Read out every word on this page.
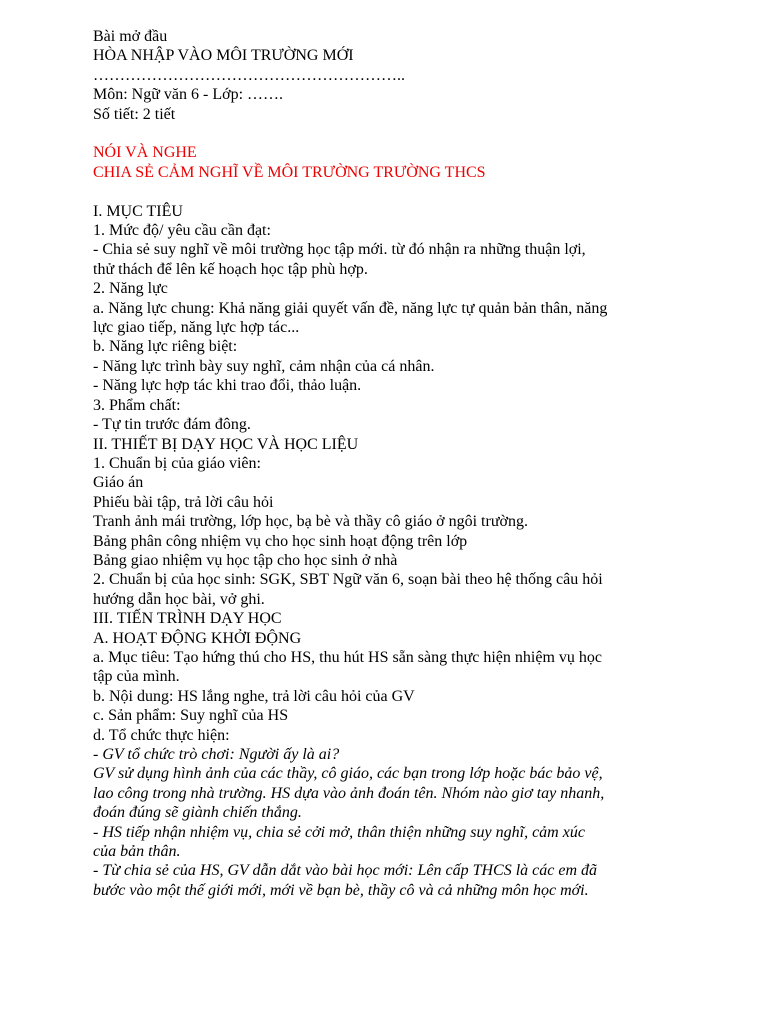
Bài mở đầu
HÒA NHẬP VÀO MÔI TRƯỜNG MỚI
…………………………………………………..
Môn: Ngữ văn 6 - Lớp: …….
Số tiết: 2 tiết
NÓI VÀ NGHE
CHIA SẺ CẢM NGHĨ VỀ MÔI TRƯỜNG TRƯỜNG THCS
I. MỤC TIÊU
1. Mức độ/ yêu cầu cần đạt:
- Chia sẻ suy nghĩ về môi trường học tập mới. từ đó nhận ra những thuận lợi,
thử thách để lên kế hoạch học tập phù hợp.
2. Năng lực
a. Năng lực chung: Khả năng giải quyết vấn đề, năng lực tự quản bản thân, năng
lực giao tiếp, năng lực hợp tác...
b. Năng lực riêng biệt:
- Năng lực trình bày suy nghĩ, cảm nhận của cá nhân.
- Năng lực hợp tác khi trao đổi, thảo luận.
3. Phẩm chất:
- Tự tin trước đám đông.
II. THIẾT BỊ DẠY HỌC VÀ HỌC LIỆU
1. Chuẩn bị của giáo viên:
Giáo án
Phiếu bài tập, trả lời câu hỏi
Tranh ảnh mái trường, lớp học, bạ bè và thầy cô giáo ở ngôi trường.
Bảng phân công nhiệm vụ cho học sinh hoạt động trên lớp
Bảng giao nhiệm vụ học tập cho học sinh ở nhà
2. Chuẩn bị của học sinh: SGK, SBT Ngữ văn 6, soạn bài theo hệ thống câu hỏi
hướng dẫn học bài, vở ghi.
III. TIẾN TRÌNH DẠY HỌC
A. HOẠT ĐỘNG KHỞI ĐỘNG
a. Mục tiêu: Tạo hứng thú cho HS, thu hút HS sẵn sàng thực hiện nhiệm vụ học
tập của mình.
b. Nội dung: HS lắng nghe, trả lời câu hỏi của GV
c. Sản phẩm: Suy nghĩ của HS
d. Tổ chức thực hiện:
- GV tổ chức trò chơi: Người ấy là ai?
GV sử dụng hình ảnh của các thầy, cô giáo, các bạn trong lớp hoặc bác bảo vệ,
lao công trong nhà trường. HS dựa vào ảnh đoán tên. Nhóm nào giơ tay nhanh,
đoán đúng sẽ giành chiến thắng.
- HS tiếp nhận nhiệm vụ, chia sẻ cởi mở, thân thiện những suy nghĩ, cảm xúc
của bản thân.
- Từ chia sẻ của HS, GV dẫn dắt vào bài học mới: Lên cấp THCS là các em đã
bước vào một thế giới mới, mới về bạn bè, thầy cô và cả những môn học mới.
